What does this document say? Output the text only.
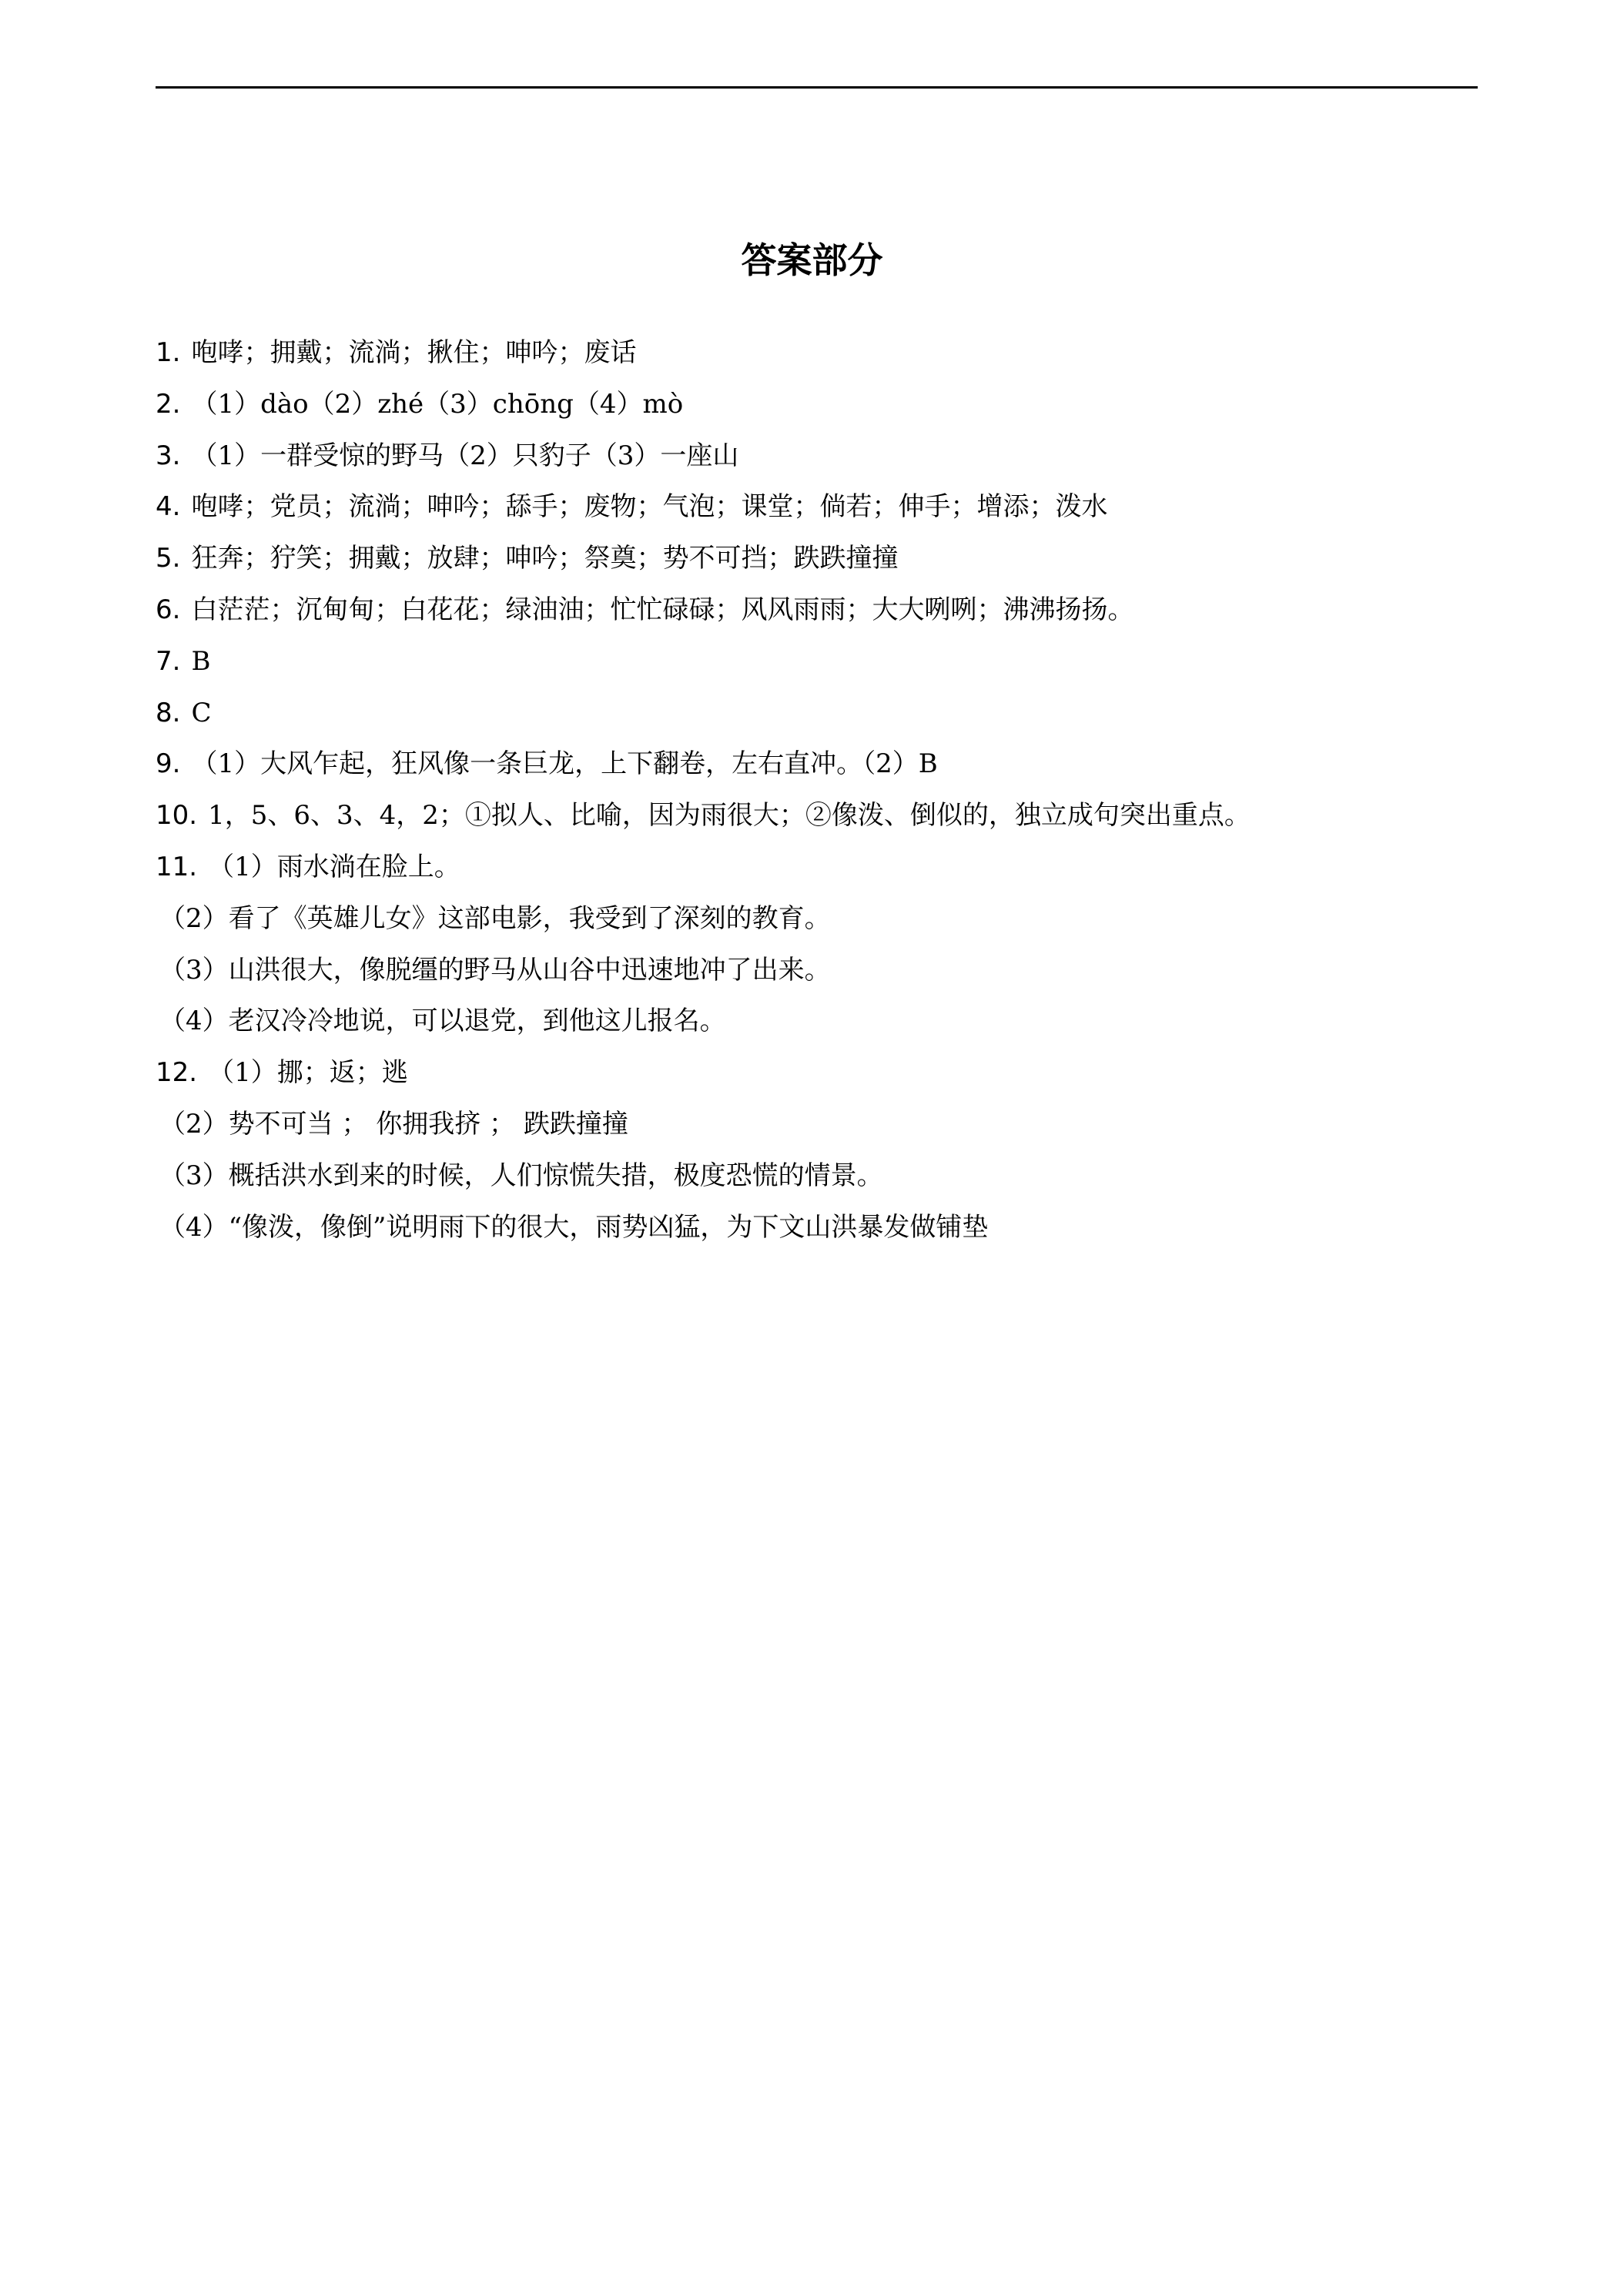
答案部分
1. 咆哮；拥戴；流淌；揪住；呻吟；废话
2. （1）dào（2）zhé（3）chōng（4）mò
3. （1）一群受惊的野马（2）只豹子（3）一座山
4. 咆哮；党员；流淌；呻吟；舔手；废物；气泡；课堂；倘若；伸手；增添；泼水
5. 狂奔；狞笑；拥戴；放肆；呻吟；祭奠；势不可挡；跌跌撞撞
6. 白茫茫；沉甸甸；白花花；绿油油；忙忙碌碌；风风雨雨；大大咧咧；沸沸扬扬。
7. B
8. C
9. （1）大风乍起，狂风像一条巨龙，上下翻卷，左右直冲。（2）B
10. 1，5、6、3、4，2；①拟人、比喻，因为雨很大；②像泼、倒似的，独立成句突出重点。
11. （1）雨水淌在脸上。
（2）看了《英雄儿女》这部电影，我受到了深刻的教育。
（3）山洪很大，像脱缰的野马从山谷中迅速地冲了出来。
（4）老汉冷冷地说，可以退党，到他这儿报名。
12. （1）挪；返；逃
（2）势不可当 ； 你拥我挤 ； 跌跌撞撞
（3）概括洪水到来的时候，人们惊慌失措，极度恐慌的情景。
（4）“像泼，像倒”说明雨下的很大，雨势凶猛，为下文山洪暴发做铺垫
